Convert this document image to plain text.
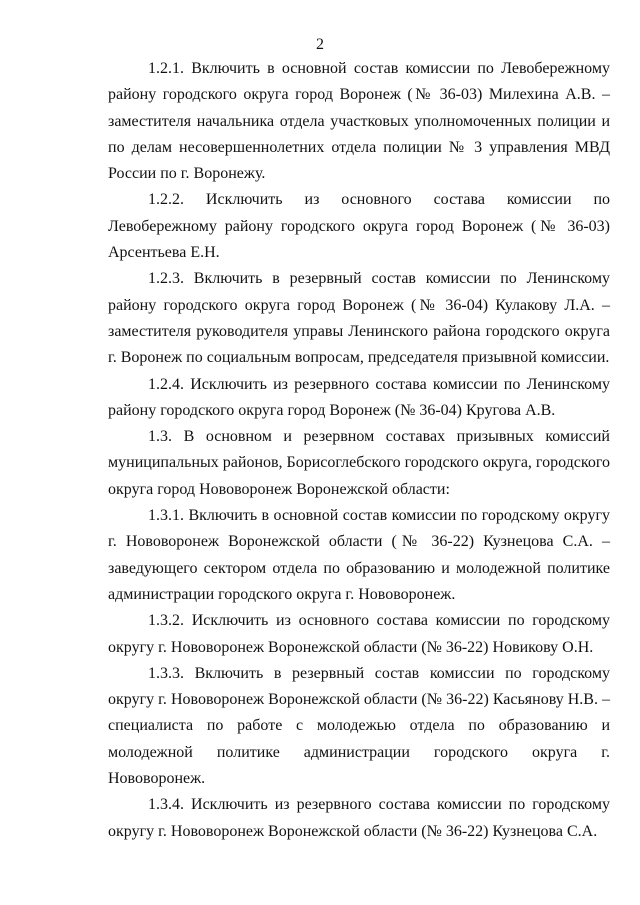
2

1.2.1. Включить в основной состав комиссии по Левобережному району городского округа город Воронеж (№ 36-03) Милехина А.В. – заместителя начальника отдела участковых уполномоченных полиции и по делам несовершеннолетних отдела полиции № 3 управления МВД России по г. Воронежу.

1.2.2. Исключить из основного состава комиссии по Левобережному району городского округа город Воронеж (№ 36-03) Арсентьева Е.Н.

1.2.3. Включить в резервный состав комиссии по Ленинскому району городского округа город Воронеж (№ 36-04) Кулакову Л.А. – заместителя руководителя управы Ленинского района городского округа г. Воронеж по социальным вопросам, председателя призывной комиссии.

1.2.4. Исключить из резервного состава комиссии по Ленинскому району городского округа город Воронеж (№ 36-04) Кругова А.В.

1.3. В основном и резервном составах призывных комиссий муниципальных районов, Борисоглебского городского округа, городского округа город Нововоронеж Воронежской области:

1.3.1. Включить в основной состав комиссии по городскому округу г. Нововоронеж Воронежской области (№ 36-22) Кузнецова С.А. – заведующего сектором отдела по образованию и молодежной политике администрации городского округа г. Нововоронеж.

1.3.2. Исключить из основного состава комиссии по городскому округу г. Нововоронеж Воронежской области (№ 36-22) Новикову О.Н.

1.3.3. Включить в резервный состав комиссии по городскому округу г. Нововоронеж Воронежской области (№ 36-22) Касьянову Н.В. – специалиста по работе с молодежью отдела по образованию и молодежной политике администрации городского округа г. Нововоронеж.

1.3.4. Исключить из резервного состава комиссии по городскому округу г. Нововоронеж Воронежской области (№ 36-22) Кузнецова С.А.
